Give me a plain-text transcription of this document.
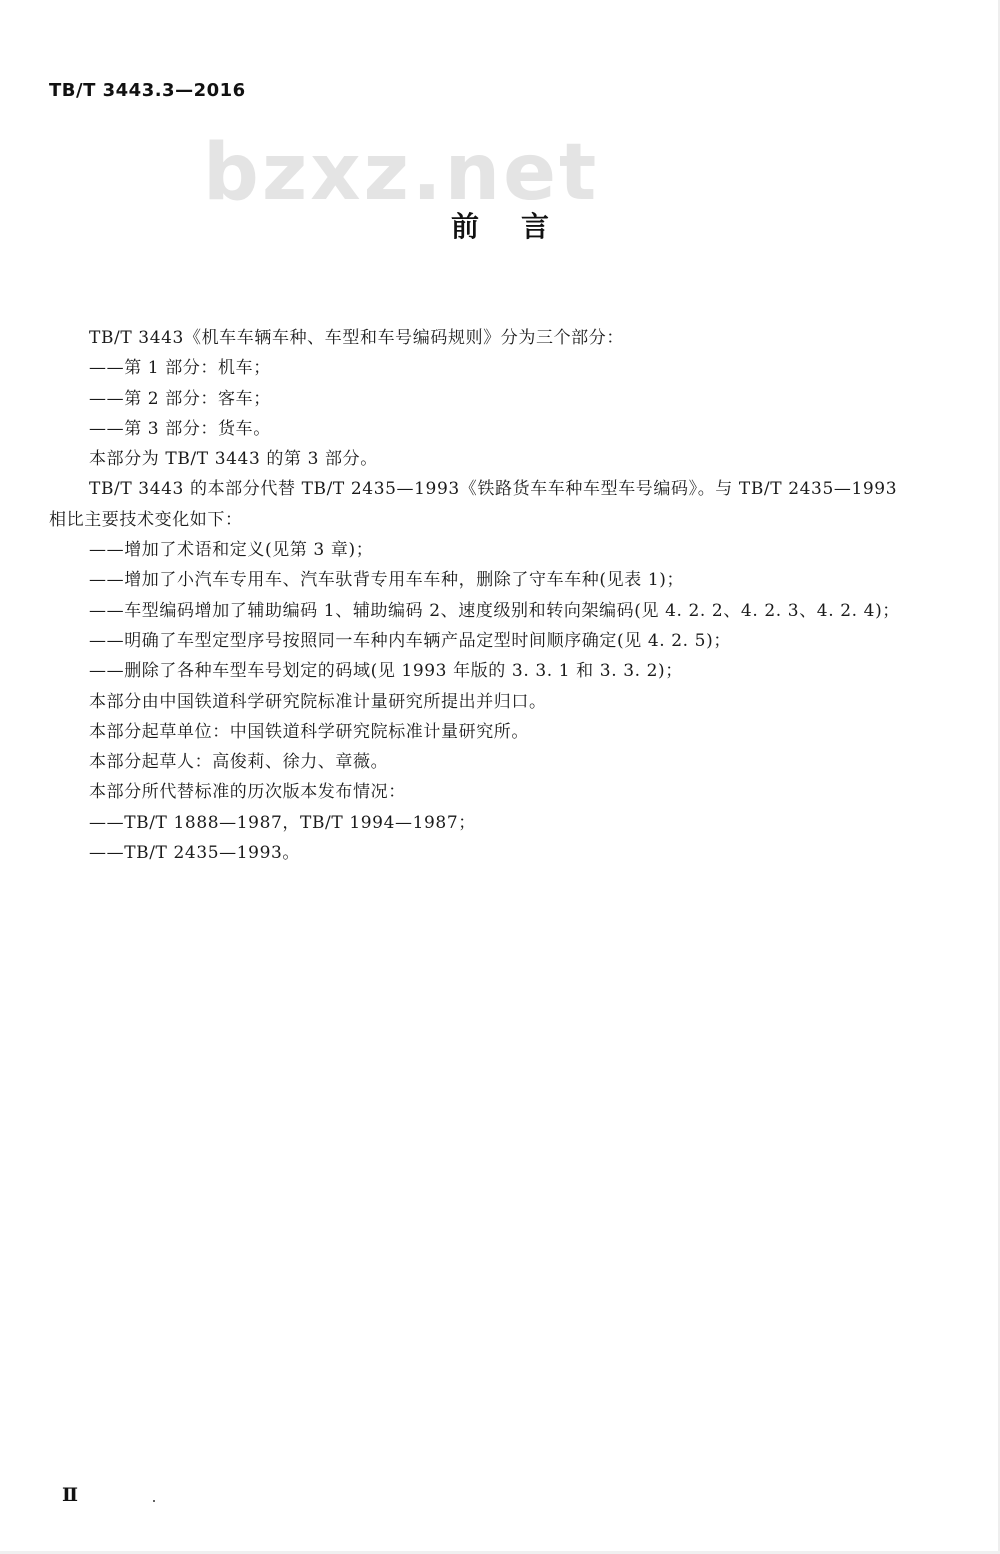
TB/T 3443.3—2016
bzxz.net
前言
TB/T 3443《机车车辆车种、车型和车号编码规则》分为三个部分：
——第 1 部分：机车；
——第 2 部分：客车；
——第 3 部分：货车。
本部分为 TB/T 3443 的第 3 部分。
TB/T 3443 的本部分代替 TB/T 2435—1993《铁路货车车种车型车号编码》。与 TB/T 2435—1993
相比主要技术变化如下：
——增加了术语和定义(见第 3 章)；
——增加了小汽车专用车、汽车驮背专用车车种，删除了守车车种(见表 1)；
——车型编码增加了辅助编码 1、辅助编码 2、速度级别和转向架编码(见 4. 2. 2、4. 2. 3、4. 2. 4)；
——明确了车型定型序号按照同一车种内车辆产品定型时间顺序确定(见 4. 2. 5)；
——删除了各种车型车号划定的码域(见 1993 年版的 3. 3. 1 和 3. 3. 2)；
本部分由中国铁道科学研究院标准计量研究所提出并归口。
本部分起草单位：中国铁道科学研究院标准计量研究所。
本部分起草人：高俊莉、徐力、章薇。
本部分所代替标准的历次版本发布情况：
——TB/T 1888—1987，TB/T 1994—1987；
——TB/T 2435—1993。
Ⅱ
